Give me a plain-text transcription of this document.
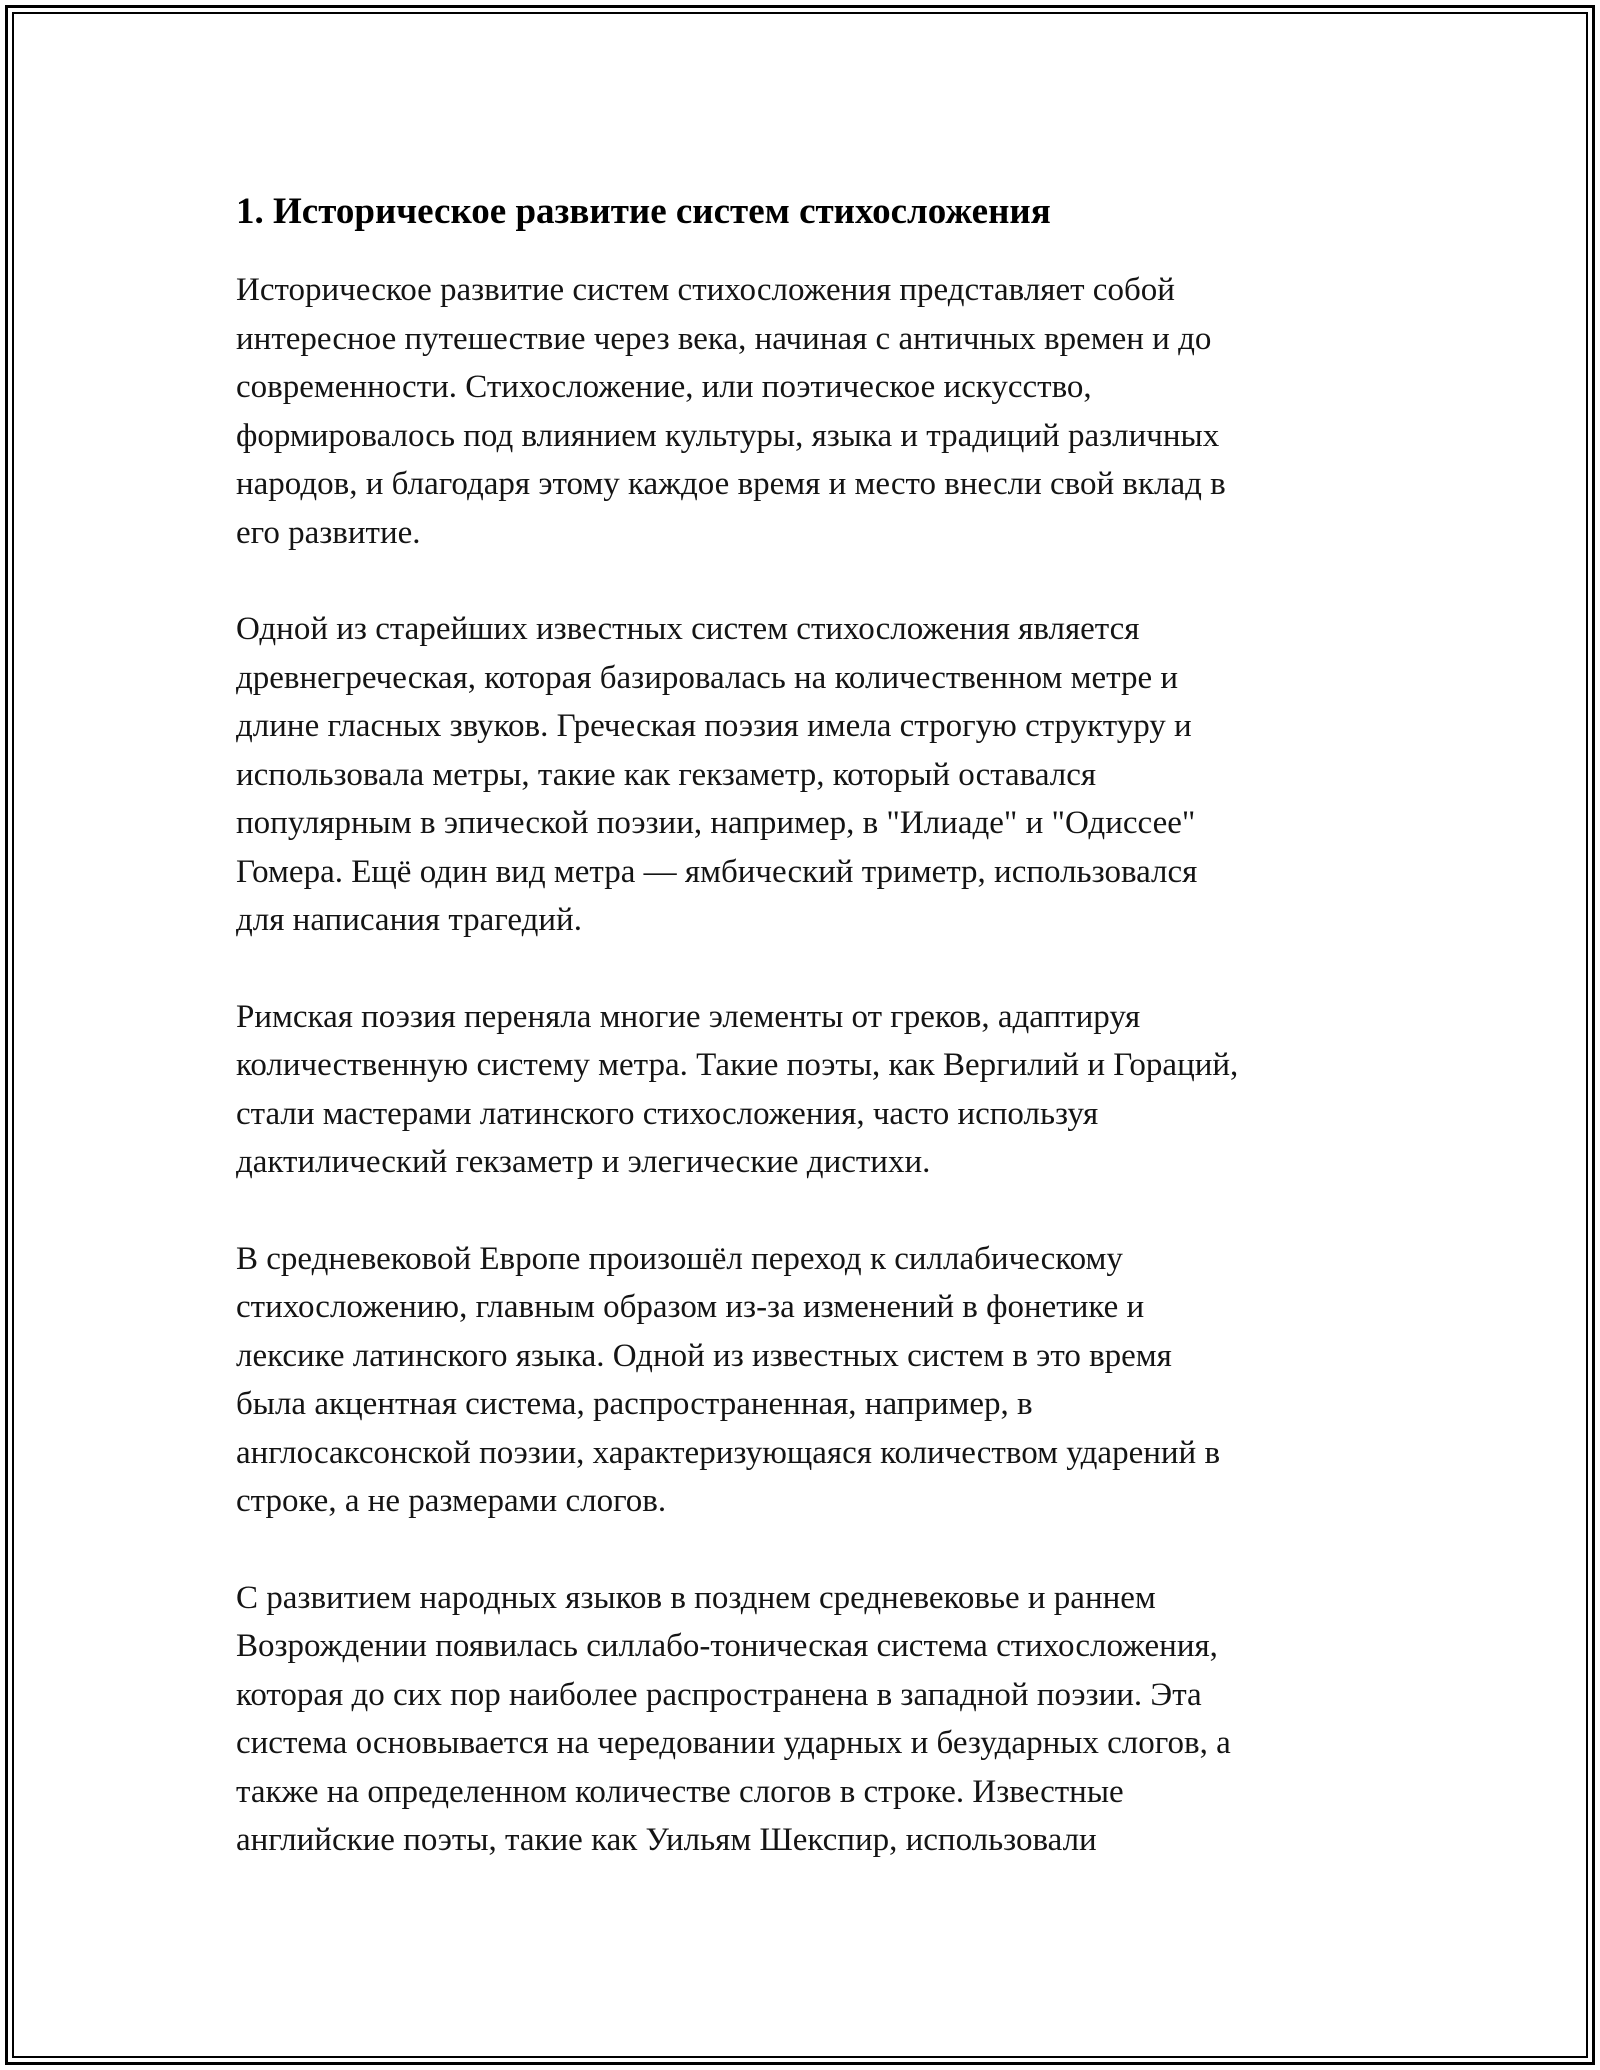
1. Историческое развитие систем стихосложения

Историческое развитие систем стихосложения представляет собой
интересное путешествие через века, начиная с античных времен и до
современности. Стихосложение, или поэтическое искусство,
формировалось под влиянием культуры, языка и традиций различных
народов, и благодаря этому каждое время и место внесли свой вклад в
его развитие.

Одной из старейших известных систем стихосложения является
древнегреческая, которая базировалась на количественном метре и
длине гласных звуков. Греческая поэзия имела строгую структуру и
использовала метры, такие как гекзаметр, который оставался
популярным в эпической поэзии, например, в "Илиаде" и "Одиссее"
Гомера. Ещё один вид метра — ямбический триметр, использовался
для написания трагедий.

Римская поэзия переняла многие элементы от греков, адаптируя
количественную систему метра. Такие поэты, как Вергилий и Гораций,
стали мастерами латинского стихосложения, часто используя
дактилический гекзаметр и элегические дистихи.

В средневековой Европе произошёл переход к силлабическому
стихосложению, главным образом из-за изменений в фонетике и
лексике латинского языка. Одной из известных систем в это время
была акцентная система, распространенная, например, в
англосаксонской поэзии, характеризующаяся количеством ударений в
строке, а не размерами слогов.

С развитием народных языков в позднем средневековье и раннем
Возрождении появилась силлабо-тоническая система стихосложения,
которая до сих пор наиболее распространена в западной поэзии. Эта
система основывается на чередовании ударных и безударных слогов, а
также на определенном количестве слогов в строке. Известные
английские поэты, такие как Уильям Шекспир, использовали
